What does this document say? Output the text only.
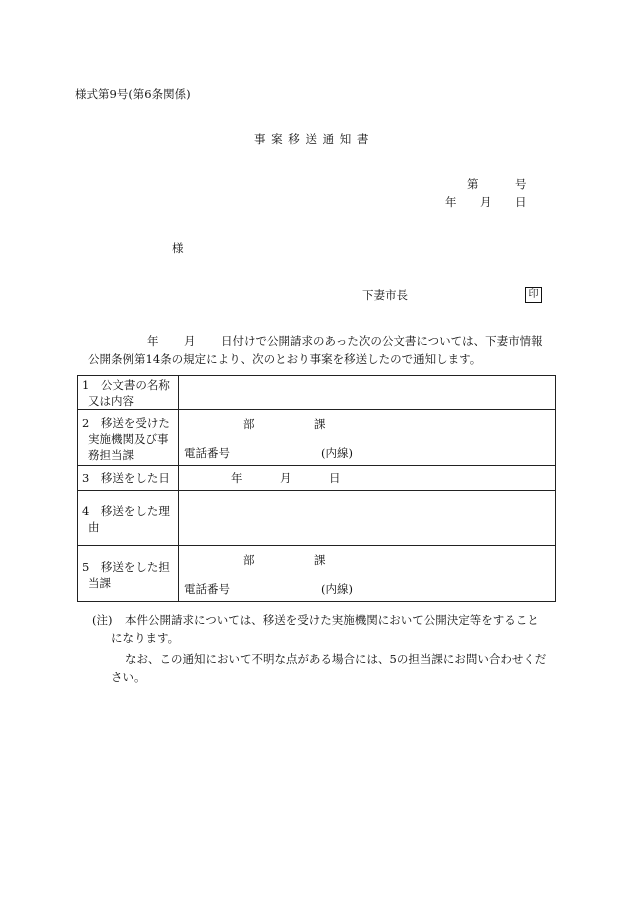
様式第9号(第6条関係)
事 案 移 送 通 知 書
第	号
年 月 日
様
下妻市長	印
年 月 日付けで公開請求のあった次の公文書については、下妻市情報
公開条例第14条の規定により、次のとおり事案を移送したので通知します。
1　公文書の名称
又は内容	

2　移送を受けた
実施機関及び事
務担当課	部 課
電話番号 (内線)

3　移送をした日	年 月 日

4　移送をした理
由	

5　移送をした担
当課	部 課
電話番号 (内線)
(注) 本件公開請求については、移送を受けた実施機関において公開決定等をすること
になります。
なお、この通知において不明な点がある場合には、5の担当課にお問い合わせくだ
さい。
